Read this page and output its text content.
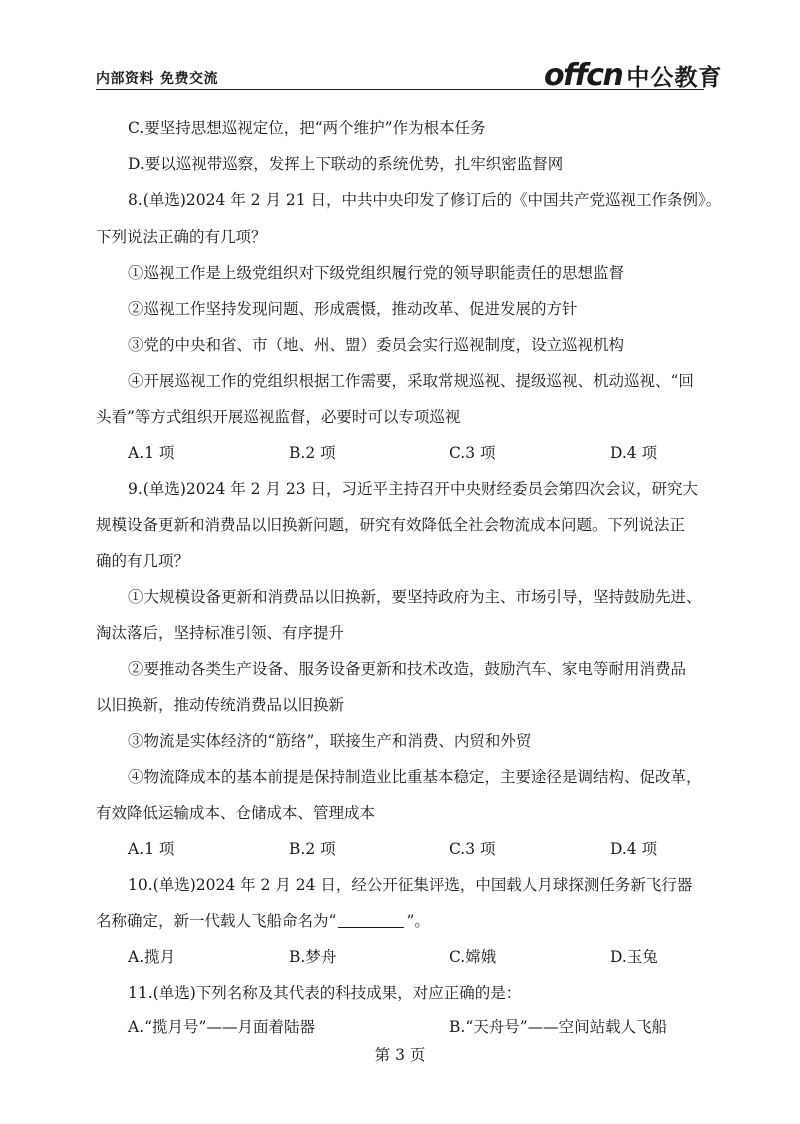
内部资料 免费交流	offcn 中公教育
C.要坚持思想巡视定位，把“两个维护”作为根本任务
D.要以巡视带巡察，发挥上下联动的系统优势，扎牢织密监督网
8.(单选)2024 年 2 月 21 日，中共中央印发了修订后的《中国共产党巡视工作条例》。
下列说法正确的有几项？
①巡视工作是上级党组织对下级党组织履行党的领导职能责任的思想监督
②巡视工作坚持发现问题、形成震慑，推动改革、促进发展的方针
③党的中央和省、市（地、州、盟）委员会实行巡视制度，设立巡视机构
④开展巡视工作的党组织根据工作需要，采取常规巡视、提级巡视、机动巡视、“回
头看”等方式组织开展巡视监督，必要时可以专项巡视
A.1 项	B.2 项	C.3 项	D.4 项
9.(单选)2024 年 2 月 23 日，习近平主持召开中央财经委员会第四次会议，研究大
规模设备更新和消费品以旧换新问题，研究有效降低全社会物流成本问题。下列说法正
确的有几项？
①大规模设备更新和消费品以旧换新，要坚持政府为主、市场引导，坚持鼓励先进、
淘汰落后，坚持标准引领、有序提升
②要推动各类生产设备、服务设备更新和技术改造，鼓励汽车、家电等耐用消费品
以旧换新，推动传统消费品以旧换新
③物流是实体经济的“筋络”，联接生产和消费、内贸和外贸
④物流降成本的基本前提是保持制造业比重基本稳定，主要途径是调结构、促改革，
有效降低运输成本、仓储成本、管理成本
A.1 项	B.2 项	C.3 项	D.4 项
10.(单选)2024 年 2 月 24 日，经公开征集评选，中国载人月球探测任务新飞行器
名称确定，新一代载人飞船命名为“	”。
A.揽月	B.梦舟	C.嫦娥	D.玉兔
11.(单选)下列名称及其代表的科技成果，对应正确的是：
A.“揽月号”——月面着陆器	B.“天舟号”——空间站载人飞船
第 3 页
